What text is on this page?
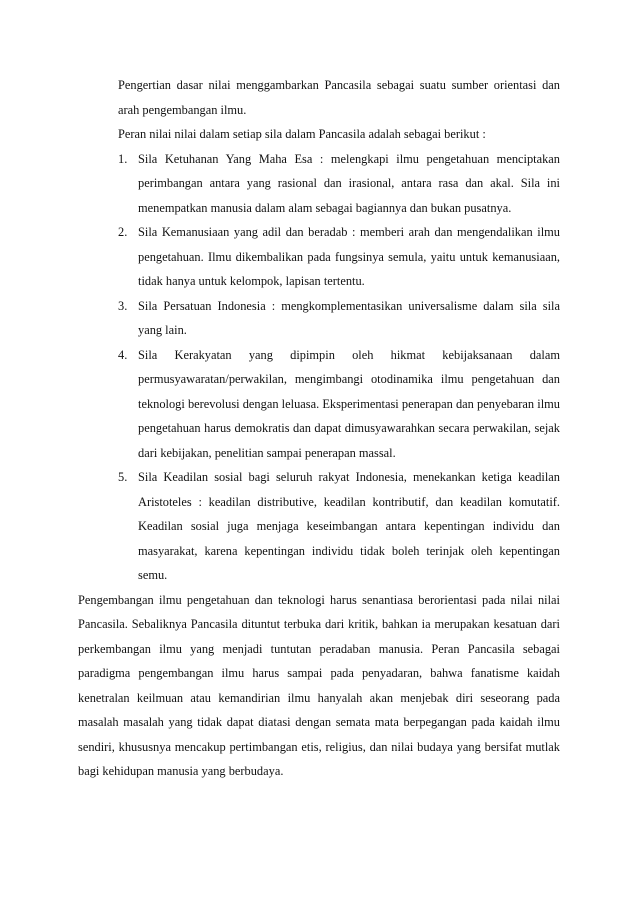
Pengertian dasar nilai menggambarkan Pancasila sebagai suatu sumber orientasi dan arah pengembangan ilmu.

Peran nilai nilai dalam setiap sila dalam Pancasila adalah sebagai berikut :

1. Sila Ketuhanan Yang Maha Esa : melengkapi ilmu pengetahuan menciptakan perimbangan antara yang rasional dan irasional, antara rasa dan akal. Sila ini menempatkan manusia dalam alam sebagai bagiannya dan bukan pusatnya.
2. Sila Kemanusiaan yang adil dan beradab : memberi arah dan mengendalikan ilmu pengetahuan. Ilmu dikembalikan pada fungsinya semula, yaitu untuk kemanusiaan, tidak hanya untuk kelompok, lapisan tertentu.
3. Sila Persatuan Indonesia : mengkomplementasikan universalisme dalam sila sila yang lain.
4. Sila Kerakyatan yang dipimpin oleh hikmat kebijaksanaan dalam permusyawaratan/perwakilan, mengimbangi otodinamika ilmu pengetahuan dan teknologi berevolusi dengan leluasa. Eksperimentasi penerapan dan penyebaran ilmu pengetahuan harus demokratis dan dapat dimusyawarahkan secara perwakilan, sejak dari kebijakan, penelitian sampai penerapan massal.
5. Sila Keadilan sosial bagi seluruh rakyat Indonesia, menekankan ketiga keadilan Aristoteles : keadilan distributive, keadilan kontributif, dan keadilan komutatif. Keadilan sosial juga menjaga keseimbangan antara kepentingan individu dan masyarakat, karena kepentingan individu tidak boleh terinjak oleh kepentingan semu.

Pengembangan ilmu pengetahuan dan teknologi harus senantiasa berorientasi pada nilai nilai Pancasila. Sebaliknya Pancasila dituntut terbuka dari kritik, bahkan ia merupakan kesatuan dari perkembangan ilmu yang menjadi tuntutan peradaban manusia. Peran Pancasila sebagai paradigma pengembangan ilmu harus sampai pada penyadaran, bahwa fanatisme kaidah kenetralan keilmuan atau kemandirian ilmu hanyalah akan menjebak diri seseorang pada masalah masalah yang tidak dapat diatasi dengan semata mata berpegangan pada kaidah ilmu sendiri, khususnya mencakup pertimbangan etis, religius, dan nilai budaya yang bersifat mutlak bagi kehidupan manusia yang berbudaya.
